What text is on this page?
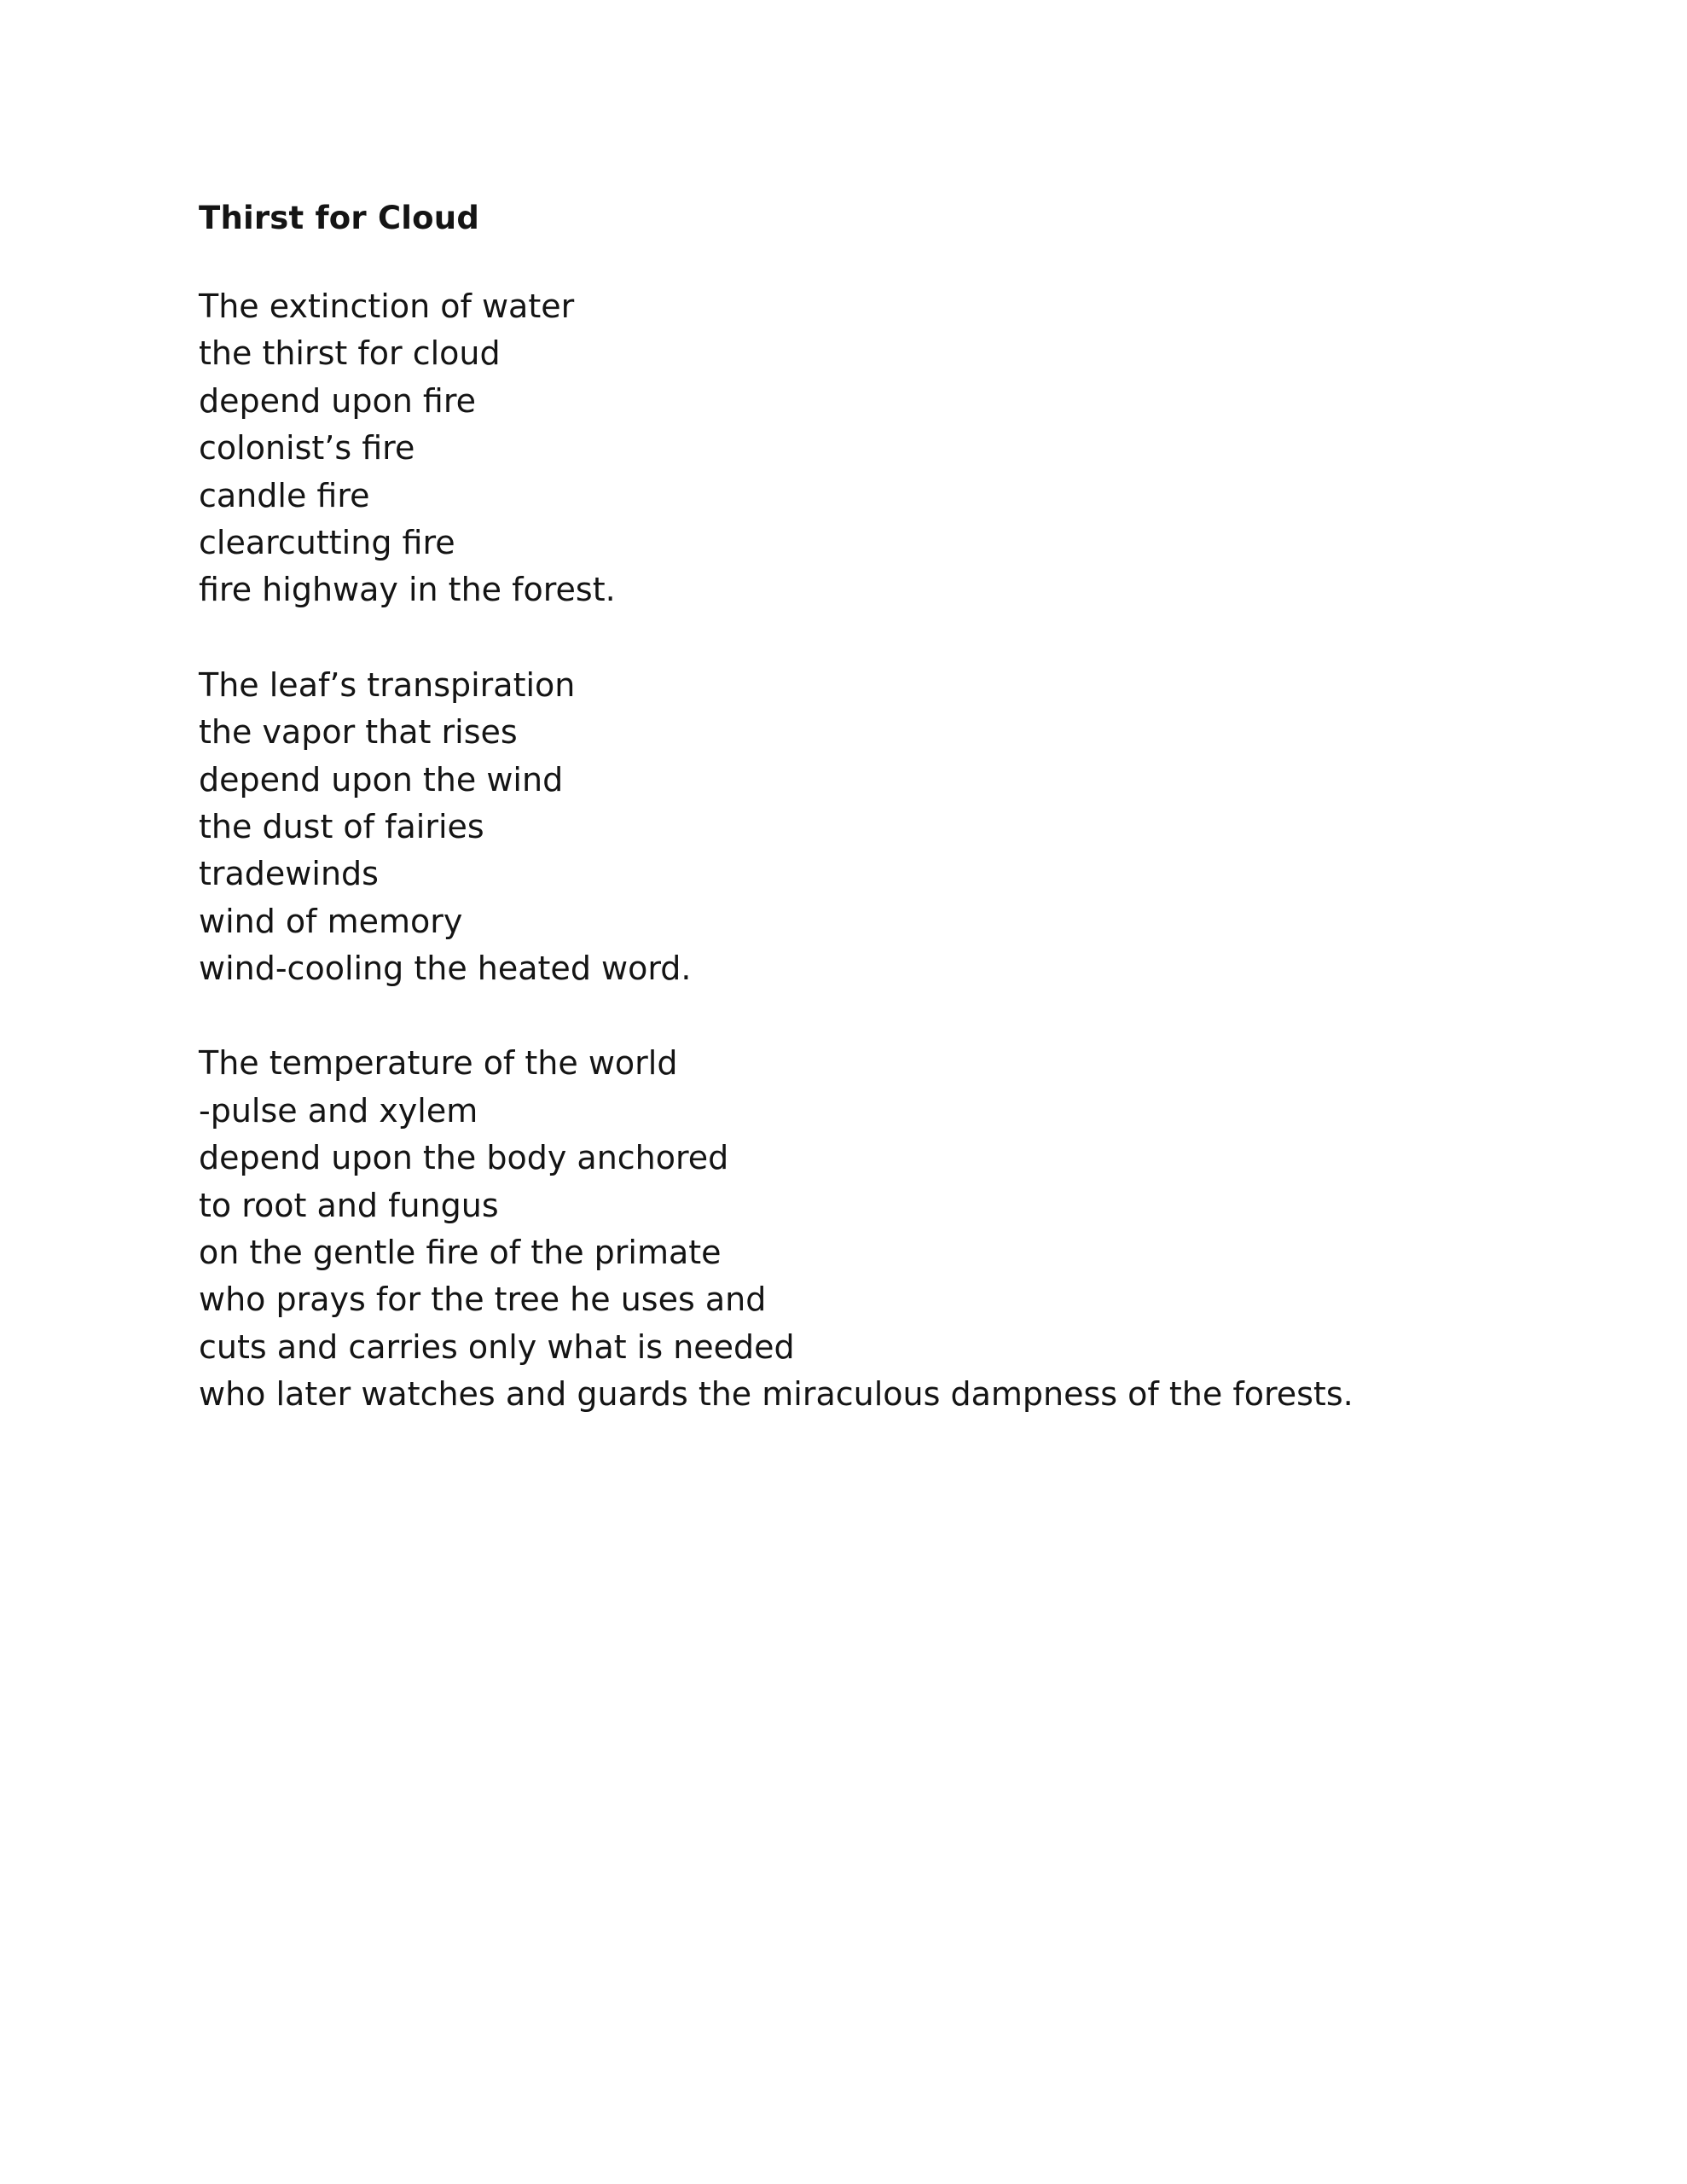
Thirst for Cloud
The extinction of water
the thirst for cloud
depend upon fire
colonist’s fire
candle fire
clearcutting fire
fire highway in the forest.
The leaf’s transpiration
the vapor that rises
depend upon the wind
the dust of fairies
tradewinds
wind of memory
wind-cooling the heated word.
The temperature of the world
-pulse and xylem
depend upon the body anchored
to root and fungus
on the gentle fire of the primate
who prays for the tree he uses and
cuts and carries only what is needed
who later watches and guards the miraculous dampness of the forests.
